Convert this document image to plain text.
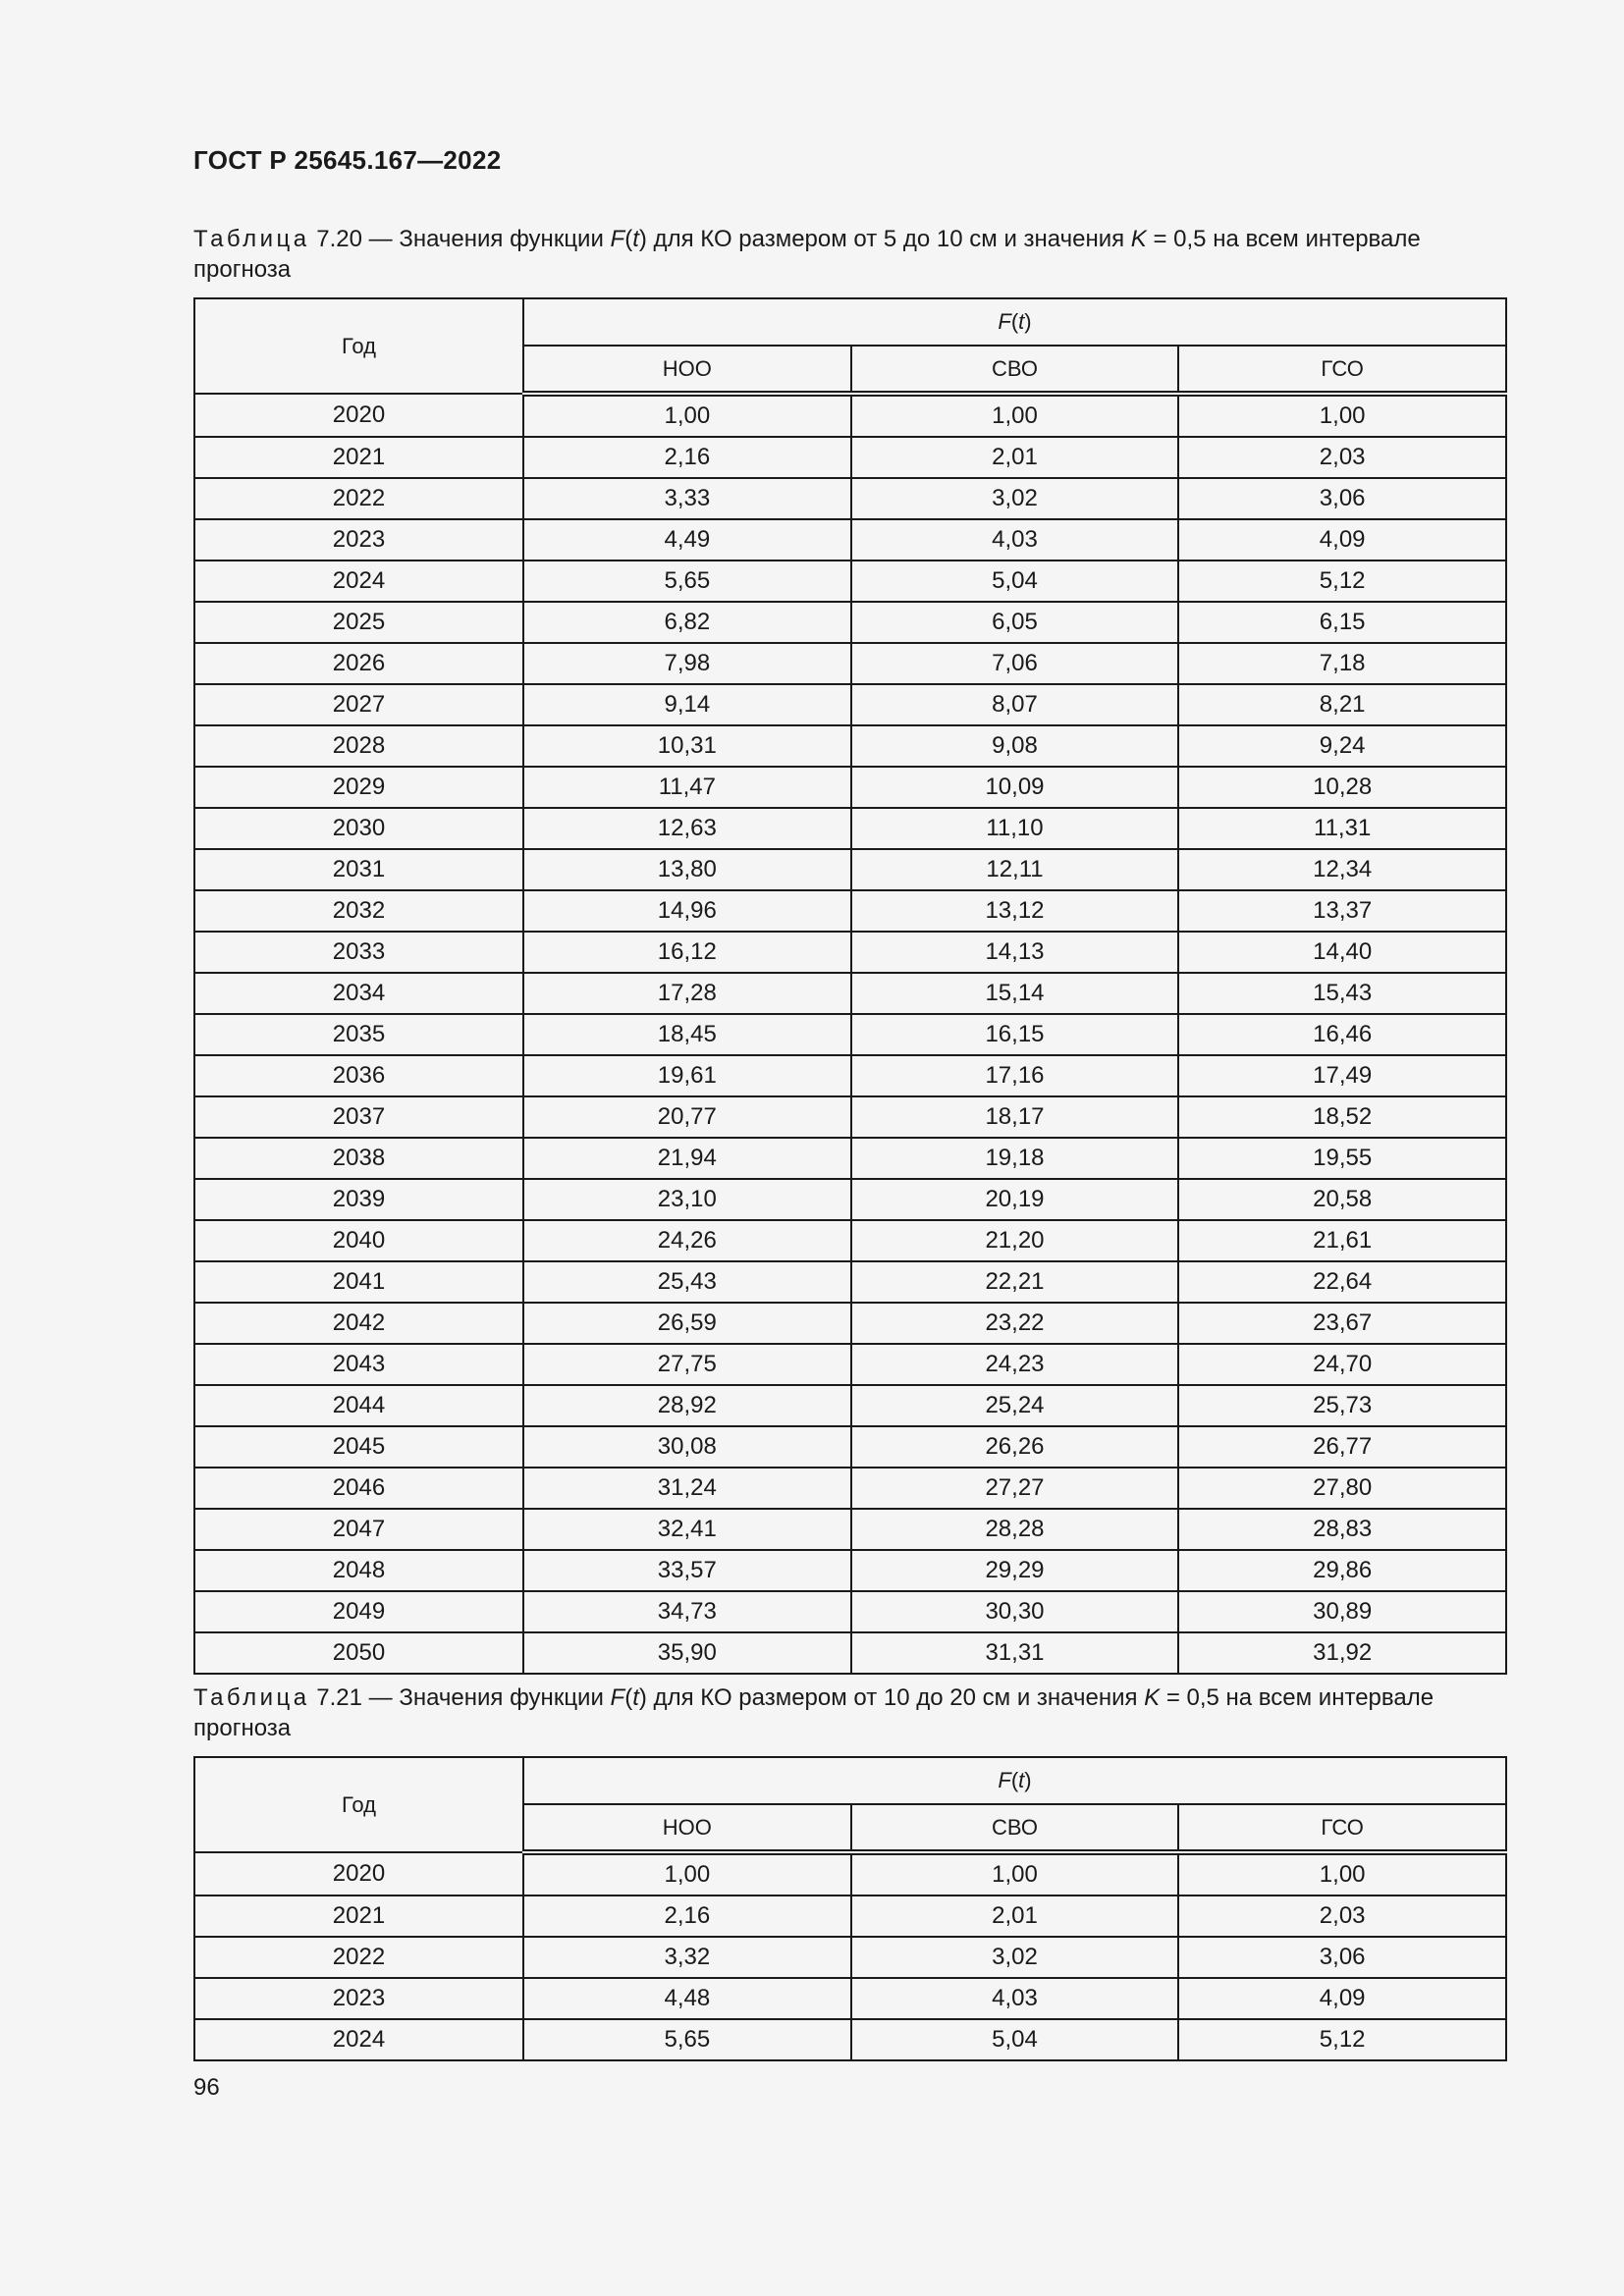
ГОСТ Р 25645.167—2022
Таблица 7.20 — Значения функции F(t) для КО размером от 5 до 10 см и значения K = 0,5 на всем интервале прогноза
Год	F(t)		
	НОО	СВО	ГСО
2020	1,00	1,00	1,00
2021	2,16	2,01	2,03
2022	3,33	3,02	3,06
2023	4,49	4,03	4,09
2024	5,65	5,04	5,12
2025	6,82	6,05	6,15
2026	7,98	7,06	7,18
2027	9,14	8,07	8,21
2028	10,31	9,08	9,24
2029	11,47	10,09	10,28
2030	12,63	11,10	11,31
2031	13,80	12,11	12,34
2032	14,96	13,12	13,37
2033	16,12	14,13	14,40
2034	17,28	15,14	15,43
2035	18,45	16,15	16,46
2036	19,61	17,16	17,49
2037	20,77	18,17	18,52
2038	21,94	19,18	19,55
2039	23,10	20,19	20,58
2040	24,26	21,20	21,61
2041	25,43	22,21	22,64
2042	26,59	23,22	23,67
2043	27,75	24,23	24,70
2044	28,92	25,24	25,73
2045	30,08	26,26	26,77
2046	31,24	27,27	27,80
2047	32,41	28,28	28,83
2048	33,57	29,29	29,86
2049	34,73	30,30	30,89
2050	35,90	31,31	31,92
Таблица 7.21 — Значения функции F(t) для КО размером от 10 до 20 см и значения K = 0,5 на всем интервале прогноза
Год	F(t)		
	НОО	СВО	ГСО
2020	1,00	1,00	1,00
2021	2,16	2,01	2,03
2022	3,32	3,02	3,06
2023	4,48	4,03	4,09
2024	5,65	5,04	5,12
96
